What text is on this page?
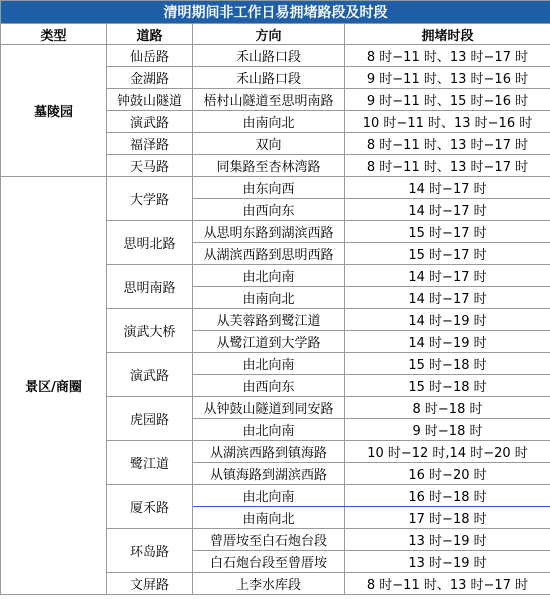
清明期间非工作日易拥堵路段及时段			
类型	道路	方向	拥堵时段
墓陵园	仙岳路	禾山路口段	8 时−11 时、13 时−17 时
	金湖路	禾山路口段	9 时−11 时、13 时−16 时
	钟鼓山隧道	梧村山隧道至思明南路	9 时−11 时、15 时−16 时
	演武路	由南向北	10 时−11 时、13 时−16 时
	福泽路	双向	8 时−11 时、13 时−17 时
	天马路	同集路至杏林湾路	8 时−11 时、13 时−17 时
景区/商圈	大学路	由东向西	14 时−17 时
		由西向东	14 时−17 时
	思明北路	从思明东路到湖滨西路	15 时−17 时
		从湖滨西路到思明西路	15 时−17 时
	思明南路	由北向南	14 时−17 时
		由南向北	14 时−17 时
	演武大桥	从芙蓉路到鹭江道	14 时−19 时
		从鹭江道到大学路	14 时−19 时
	演武路	由北向南	15 时−18 时
		由西向东	15 时−18 时
	虎园路	从钟鼓山隧道到同安路	8 时−18 时
		由北向南	9 时−18 时
	鹭江道	从湖滨西路到镇海路	10 时−12 时,14 时−20 时
		从镇海路到湖滨西路	16 时−20 时
	厦禾路	由北向南	16 时−18 时
		由南向北	17 时−18 时
	环岛路	曾厝垵至白石炮台段	13 时−19 时
		白石炮台段至曾厝垵	13 时−19 时
	文屏路	上李水库段	8 时−11 时、13 时−17 时
